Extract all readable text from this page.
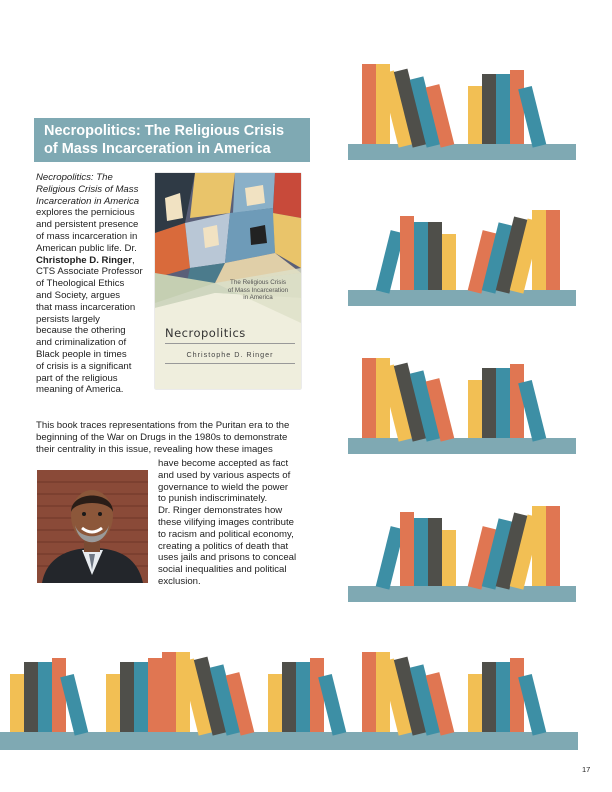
Necropolitics: The Religious Crisis
of Mass Incarceration in America
Necropolitics: The
Religious Crisis of Mass
Incarceration in America
explores the pernicious
and persistent presence
of mass incarceration in
American public life. Dr.
Christophe D. Ringer,
CTS Associate Professor
of Theological Ethics
and Society, argues
that mass incarceration
persists largely
because the othering
and criminalization of
Black people in times
of crisis is a significant
part of the religious
meaning of America.
This book traces representations from the Puritan era to the
beginning of the War on Drugs in the 1980s to demonstrate
their centrality in this issue, revealing how these images
have become accepted as fact
and used by various aspects of
governance to wield the power
to punish indiscriminately.
Dr. Ringer demonstrates how
these vilifying images contribute
to racism and political economy,
creating a politics of death that
uses jails and prisons to conceal
social inequalities and political
exclusion.
The Religious Crisis
of Mass Incarceration
in America
Necropolitics
Christophe D. Ringer
17
